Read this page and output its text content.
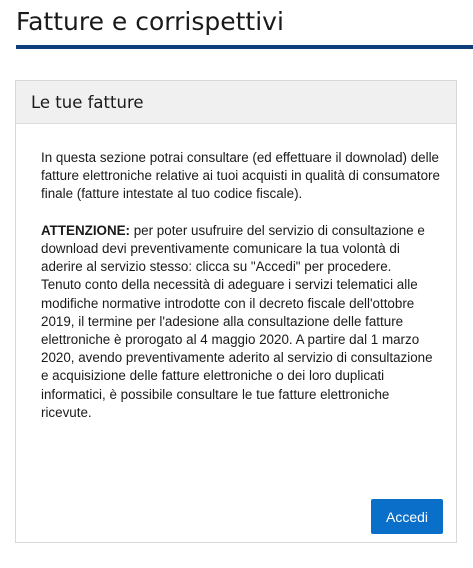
Fatture e corrispettivi
Le tue fatture

In questa sezione potrai consultare (ed effettuare il downolad) delle fatture elettroniche relative ai tuoi acquisti in qualità di consumatore finale (fatture intestate al tuo codice fiscale).

ATTENZIONE: per poter usufruire del servizio di consultazione e download devi preventivamente comunicare la tua volontà di aderire al servizio stesso: clicca su "Accedi" per procedere.

Tenuto conto della necessità di adeguare i servizi telematici alle modifiche normative introdotte con il decreto fiscale dell'ottobre 2019, il termine per l'adesione alla consultazione delle fatture elettroniche è prorogato al 4 maggio 2020. A partire dal 1 marzo 2020, avendo preventivamente aderito al servizio di consultazione e acquisizione delle fatture elettroniche o dei loro duplicati informatici, è possibile consultare le tue fatture elettroniche ricevute.

Accedi
